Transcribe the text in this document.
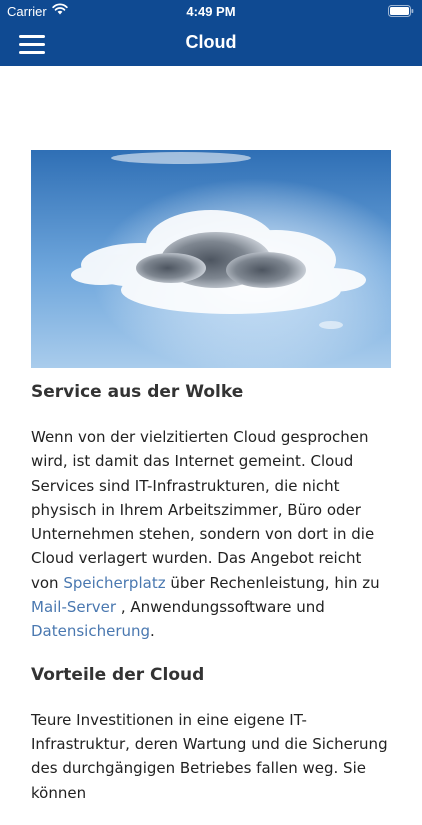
Carrier	4:49 PM
Cloud
Service aus der Wolke

Wenn von der vielzitierten Cloud gesprochen wird, ist damit das Internet gemeint. Cloud Services sind IT-Infrastrukturen, die nicht physisch in Ihrem Arbeitszimmer, Büro oder Unternehmen stehen, sondern von dort in die Cloud verlagert wurden. Das Angebot reicht von Speicherplatz über Rechenleistung, hin zu Mail-Server , Anwendungssoftware und Datensicherung.

Vorteile der Cloud

Teure Investitionen in eine eigene IT-Infrastruktur, deren Wartung und die Sicherung des durchgängigen Betriebes fallen weg. Sie können
